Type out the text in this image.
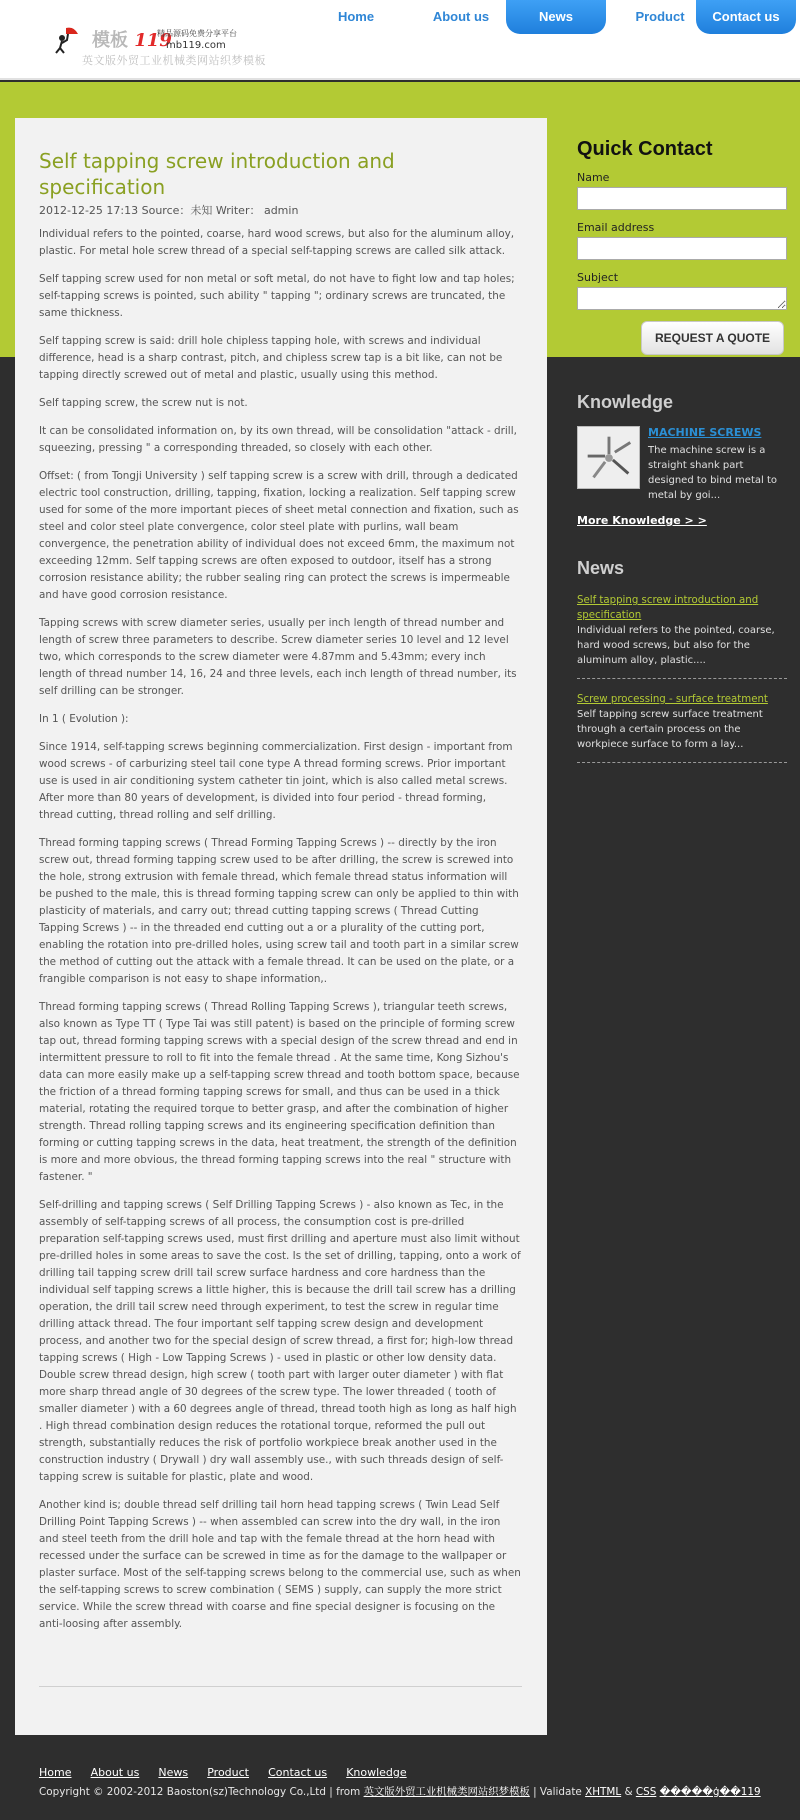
模板 119
精品源码免费分享平台
mb119.com
英文版外贸工业机械类网站织梦模板
Home	About us	News	Product	Contact us
Self tapping screw introduction and specification
2012-12-25 17:13 Source：未知 Writer： admin

Individual refers to the pointed, coarse, hard wood screws, but also for the aluminum alloy, plastic. For metal hole screw thread of a special self-tapping screws are called silk attack.

Self tapping screw used for non metal or soft metal, do not have to fight low and tap holes; self-tapping screws is pointed, such ability " tapping "; ordinary screws are truncated, the same thickness.

Self tapping screw is said: drill hole chipless tapping hole, with screws and individual difference, head is a sharp contrast, pitch, and chipless screw tap is a bit like, can not be tapping directly screwed out of metal and plastic, usually using this method.

Self tapping screw, the screw nut is not.

It can be consolidated information on, by its own thread, will be consolidation "attack - drill, squeezing, pressing " a corresponding threaded, so closely with each other.

Offset: ( from Tongji University ) self tapping screw is a screw with drill, through a dedicated electric tool construction, drilling, tapping, fixation, locking a realization. Self tapping screw used for some of the more important pieces of sheet metal connection and fixation, such as steel and color steel plate convergence, color steel plate with purlins, wall beam convergence, the penetration ability of individual does not exceed 6mm, the maximum not exceeding 12mm. Self tapping screws are often exposed to outdoor, itself has a strong corrosion resistance ability; the rubber sealing ring can protect the screws is impermeable and have good corrosion resistance.

Tapping screws with screw diameter series, usually per inch length of thread number and length of screw three parameters to describe. Screw diameter series 10 level and 12 level two, which corresponds to the screw diameter were 4.87mm and 5.43mm; every inch length of thread number 14, 16, 24 and three levels, each inch length of thread number, its self drilling can be stronger.

In 1 ( Evolution ):

Since 1914, self-tapping screws beginning commercialization. First design - important from wood screws - of carburizing steel tail cone type A thread forming screws. Prior important use is used in air conditioning system catheter tin joint, which is also called metal screws. After more than 80 years of development, is divided into four period - thread forming, thread cutting, thread rolling and self drilling.

Thread forming tapping screws ( Thread Forming Tapping Screws ) -- directly by the iron screw out, thread forming tapping screw used to be after drilling, the screw is screwed into the hole, strong extrusion with female thread, which female thread status information will be pushed to the male, this is thread forming tapping screw can only be applied to thin with plasticity of materials, and carry out; thread cutting tapping screws ( Thread Cutting Tapping Screws ) -- in the threaded end cutting out a or a plurality of the cutting port, enabling the rotation into pre-drilled holes, using screw tail and tooth part in a similar screw the method of cutting out the attack with a female thread. It can be used on the plate, or a frangible comparison is not easy to shape information,.

Thread forming tapping screws ( Thread Rolling Tapping Screws ), triangular teeth screws, also known as Type TT ( Type Tai was still patent) is based on the principle of forming screw tap out, thread forming tapping screws with a special design of the screw thread and end in intermittent pressure to roll to fit into the female thread . At the same time, Kong Sizhou's data can more easily make up a self-tapping screw thread and tooth bottom space, because the friction of a thread forming tapping screws for small, and thus can be used in a thick material, rotating the required torque to better grasp, and after the combination of higher strength. Thread rolling tapping screws and its engineering specification definition than forming or cutting tapping screws in the data, heat treatment, the strength of the definition is more and more obvious, the thread forming tapping screws into the real " structure with fastener. "

Self-drilling and tapping screws ( Self Drilling Tapping Screws ) - also known as Tec, in the assembly of self-tapping screws of all process, the consumption cost is pre-drilled preparation self-tapping screws used, must first drilling and aperture must also limit without pre-drilled holes in some areas to save the cost. Is the set of drilling, tapping, onto a work of drilling tail tapping screw drill tail screw surface hardness and core hardness than the individual self tapping screws a little higher, this is because the drill tail screw has a drilling operation, the drill tail screw need through experiment, to test the screw in regular time drilling attack thread. The four important self tapping screw design and development process, and another two for the special design of screw thread, a first for; high-low thread tapping screws ( High - Low Tapping Screws ) - used in plastic or other low density data. Double screw thread design, high screw ( tooth part with larger outer diameter ) with flat more sharp thread angle of 30 degrees of the screw type. The lower threaded ( tooth of smaller diameter ) with a 60 degrees angle of thread, thread tooth high as long as half high . High thread combination design reduces the rotational torque, reformed the pull out strength, substantially reduces the risk of portfolio workpiece break another used in the construction industry ( Drywall ) dry wall assembly use., with such threads design of self-tapping screw is suitable for plastic, plate and wood.

Another kind is; double thread self drilling tail horn head tapping screws ( Twin Lead Self Drilling Point Tapping Screws ) -- when assembled can screw into the dry wall, in the iron and steel teeth from the drill hole and tap with the female thread at the horn head with recessed under the surface can be screwed in time as for the damage to the wallpaper or plaster surface. Most of the self-tapping screws belong to the commercial use, such as when the self-tapping screws to screw combination ( SEMS ) supply, can supply the more strict service. While the screw thread with coarse and fine special designer is focusing on the anti-loosing after assembly.

Quick Contact
Name
Email address
Subject
REQUEST A QUOTE
Knowledge
MACHINE SCREWS
The machine screw is a straight shank part designed to bind metal to metal by goi...
More Knowledge > >
News
Self tapping screw introduction and specification
Individual refers to the pointed, coarse, hard wood screws, but also for the aluminum alloy, plastic....
Screw processing - surface treatment
Self tapping screw surface treatment through a certain process on the workpiece surface to form a lay...
Home About us News Product Contact us Knowledge
Copyright © 2002-2012 Baoston(sz)Technology Co.,Ltd | from 英文版外贸工业机械类网站织梦模板 | Validate XHTML & CSS �����ģ��119
